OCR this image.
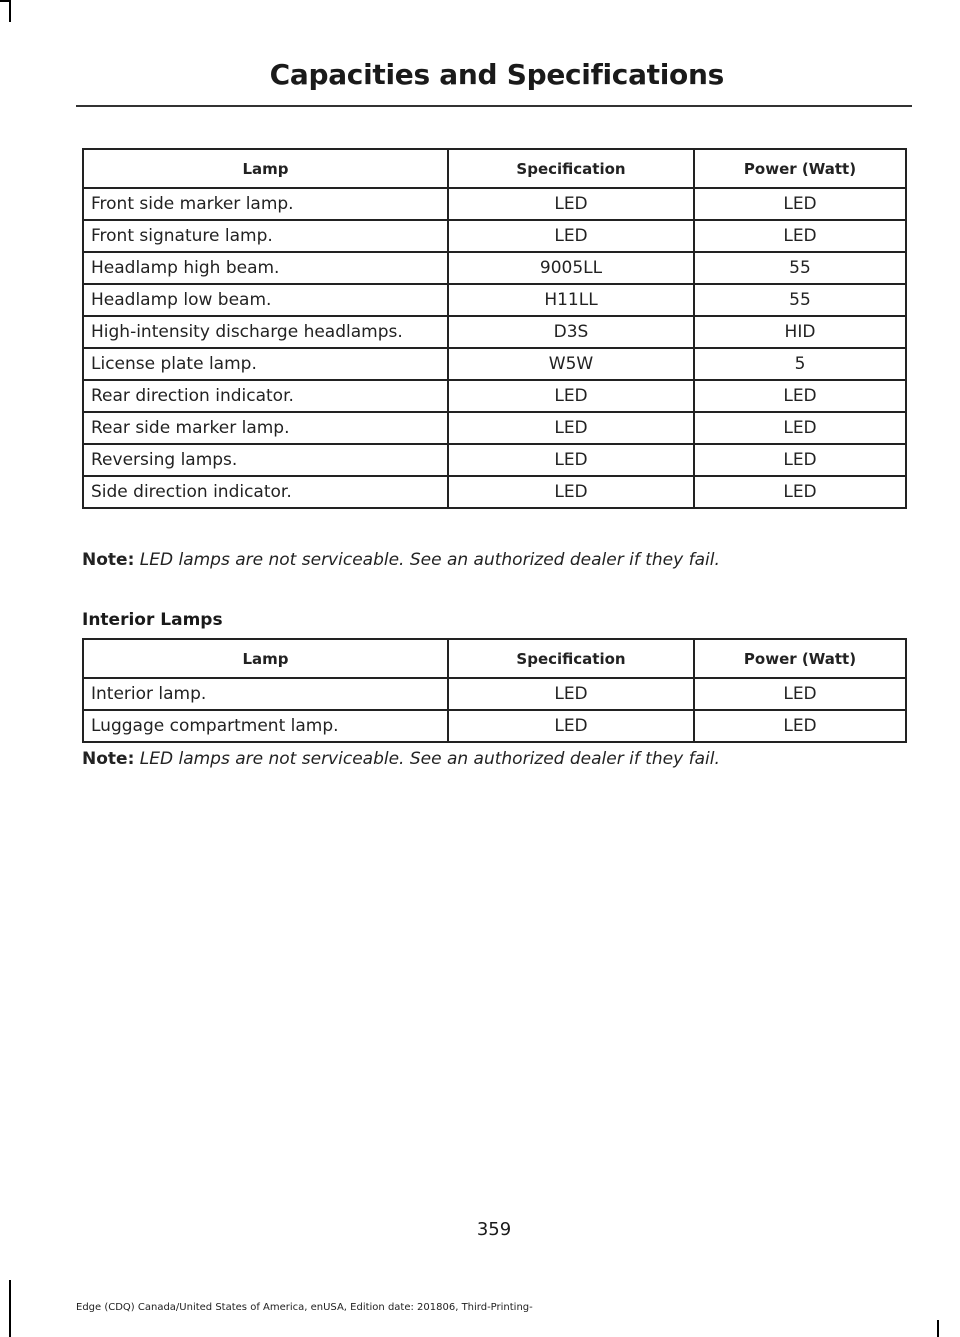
Capacities and Specifications
Lamp	Specification	Power (Watt)
Front side marker lamp.	LED	LED
Front signature lamp.	LED	LED
Headlamp high beam.	9005LL	55
Headlamp low beam.	H11LL	55
High-intensity discharge headlamps.	D3S	HID
License plate lamp.	W5W	5
Rear direction indicator.	LED	LED
Rear side marker lamp.	LED	LED
Reversing lamps.	LED	LED
Side direction indicator.	LED	LED
Note: LED lamps are not serviceable. See an authorized dealer if they fail.
Interior Lamps
Lamp	Specification	Power (Watt)
Interior lamp.	LED	LED
Luggage compartment lamp.	LED	LED
Note: LED lamps are not serviceable. See an authorized dealer if they fail.
359
Edge (CDQ) Canada/United States of America, enUSA, Edition date: 201806, Third-Printing-
